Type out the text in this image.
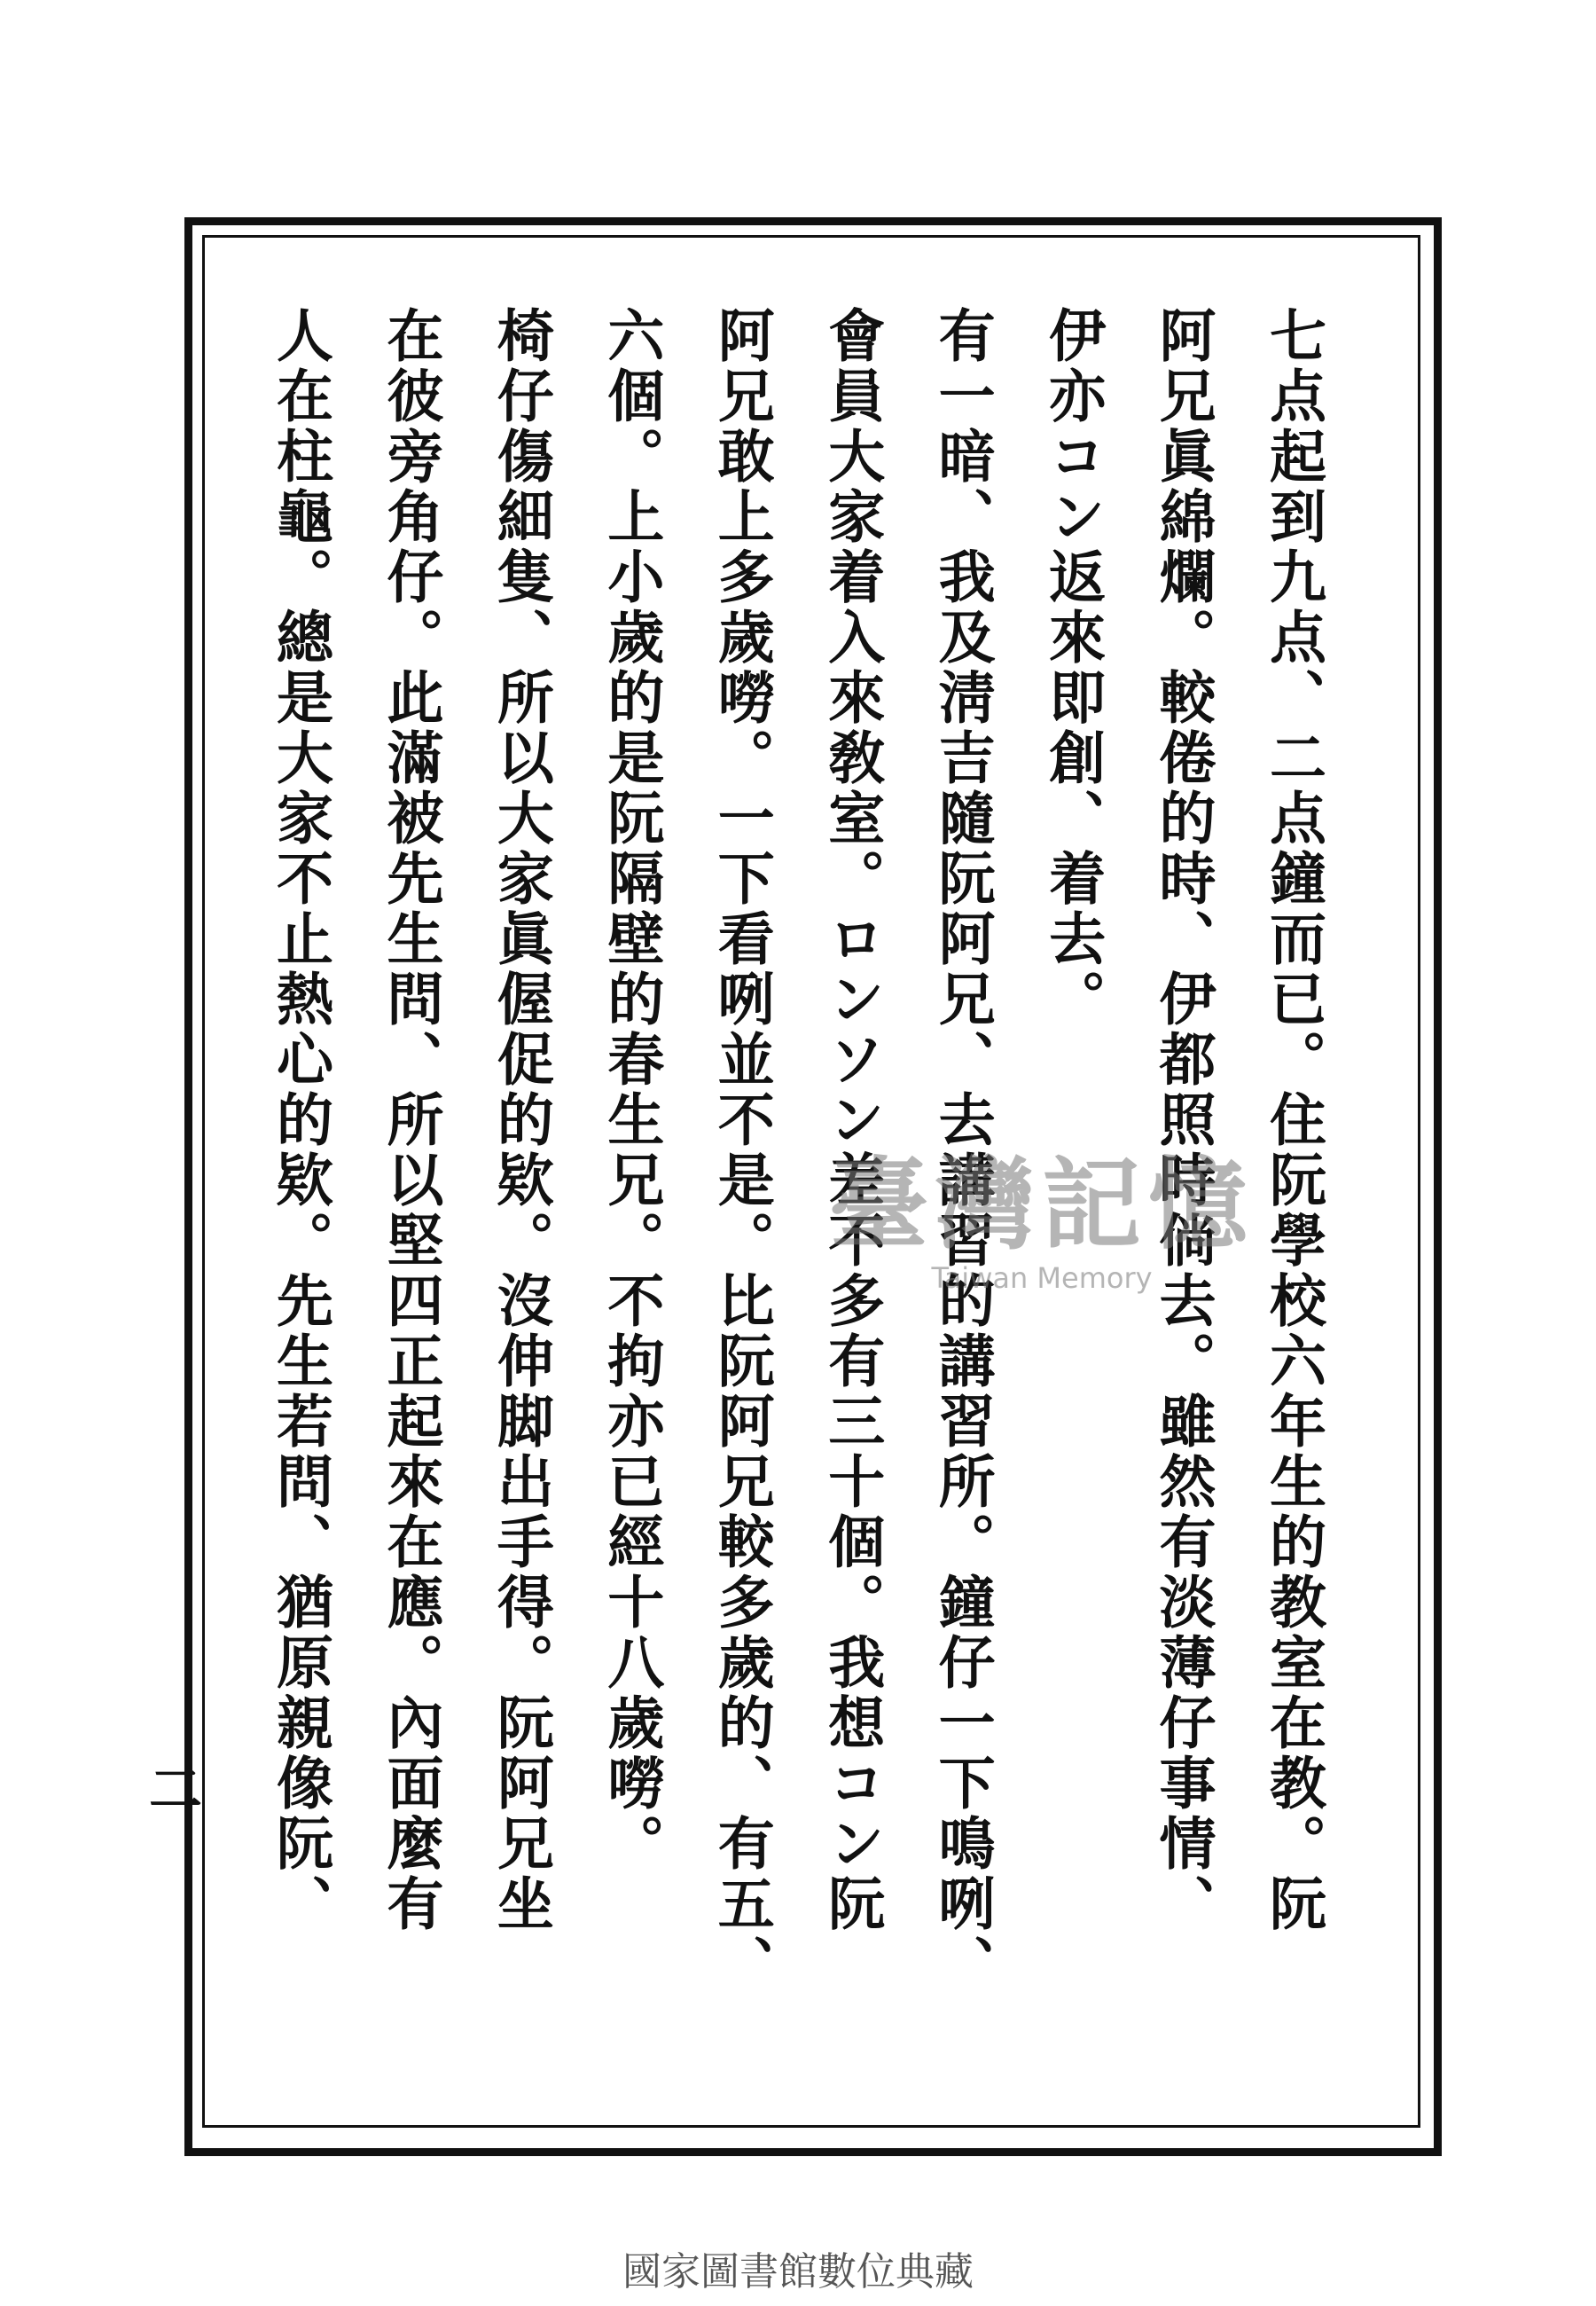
七点起到九点、二点鐘而已。住阮學校六年生的教室在教。阮
阿兄眞綿爛。較倦的時、伊都照時倘去。雖然有淡薄仔事情、
伊亦コン返來即創、着去。
有一暗、我及淸吉隨阮阿兄、去講習的講習所。鐘仔一下鳴咧、
會員大家着入來敎室。ロンソン差不多有三十個。我想コン阮
阿兄敢上多歲嘮。一下看咧並不是。比阮阿兄較多歲的、有五、
六個。上小歲的是阮隔壁的春生兄。不拘亦已經十八歲嘮。
椅仔傷細隻、所以大家眞偓促的欵。沒伸脚出手得。阮阿兄坐
在彼旁角仔。此滿被先生問、所以堅四正起來在應。內面麼有
人在柱龜。總是大家不止熱心的欵。先生若問、猶原親像阮、
二
臺灣記憶
Taiwan Memory
國家圖書館數位典藏
